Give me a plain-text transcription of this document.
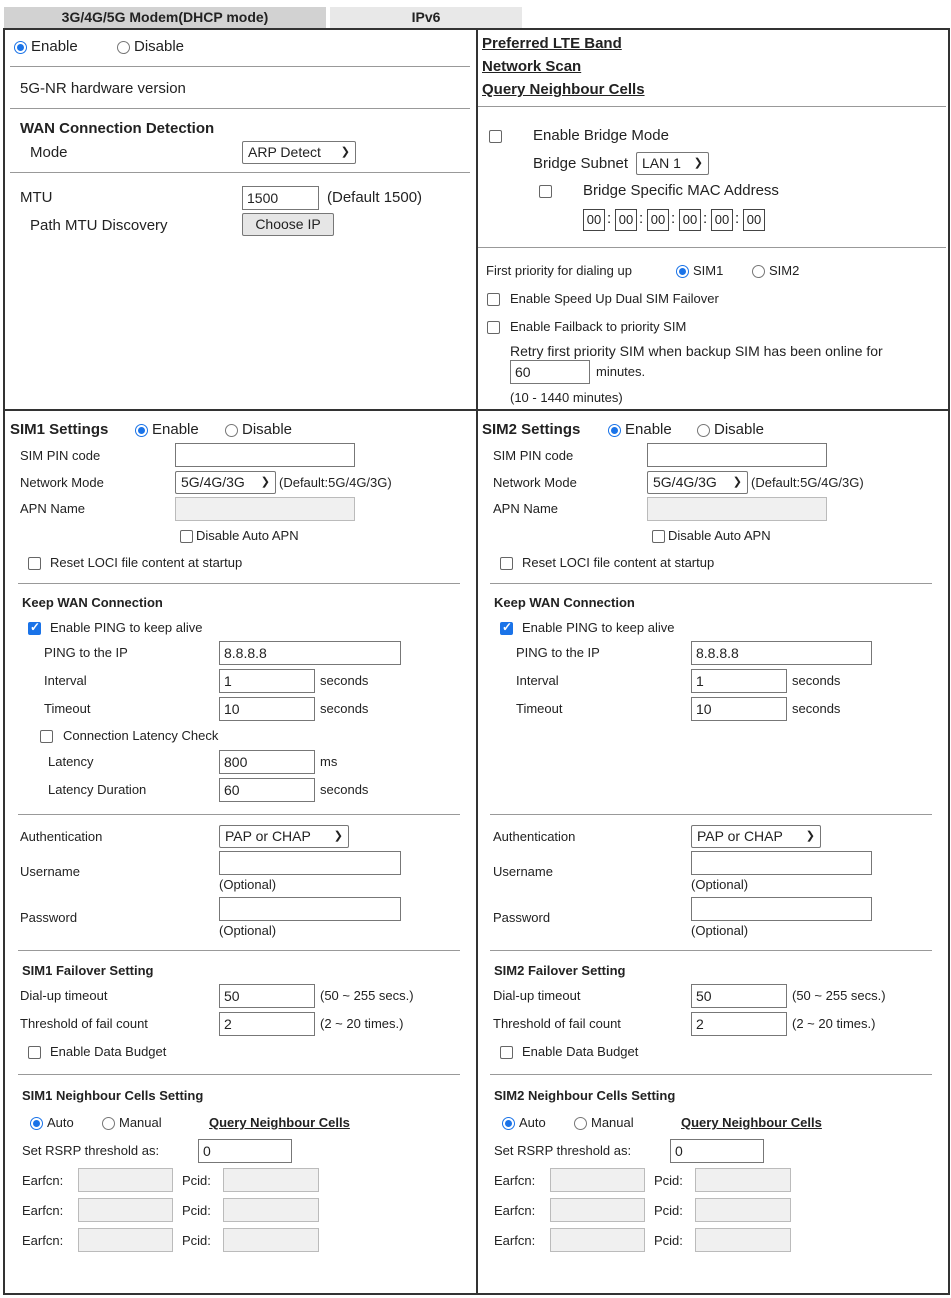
3G/4G/5G Modem(DHCP mode)	IPv6
Enable	Disable
5G-NR hardware version
WAN Connection Detection
Mode	ARP Detect ❯
MTU	1500	(Default 1500)
Path MTU Discovery	Choose IP
Preferred LTE Band
Network Scan
Query Neighbour Cells
Enable Bridge Mode
Bridge Subnet LAN 1 ❯
Bridge Specific MAC Address
00 : 00 : 00 : 00 : 00 : 00
First priority for dialing up	SIM1	SIM2
Enable Speed Up Dual SIM Failover
Enable Failback to priority SIM
Retry first priority SIM when backup SIM has been online for
60	minutes.
(10 - 1440 minutes)
SIM1 Settings	Enable	Disable
SIM PIN code
Network Mode	5G/4G/3G ❯ (Default:5G/4G/3G)
APN Name
Disable Auto APN
Reset LOCI file content at startup
Keep WAN Connection
✓
Enable PING to keep alive
PING to the IP	8.8.8.8
Interval	1	seconds
Timeout	10	seconds
Connection Latency Check
Latency	800	ms
Latency Duration	60	seconds
Authentication	PAP or CHAP ❯
Username
(Optional)
Password
(Optional)
SIM1 Failover Setting
Dial-up timeout	50	(50 ~ 255 secs.)
Threshold of fail count	2	(2 ~ 20 times.)
Enable Data Budget
SIM1 Neighbour Cells Setting
Auto	Manual	Query Neighbour Cells
Set RSRP threshold as:	0
Earfcn:	Pcid:
Earfcn:	Pcid:
Earfcn:	Pcid:
SIM2 Settings	Enable	Disable
SIM PIN code
Network Mode	5G/4G/3G ❯ (Default:5G/4G/3G)
APN Name
Disable Auto APN
Reset LOCI file content at startup
Keep WAN Connection
✓
Enable PING to keep alive
PING to the IP	8.8.8.8
Interval	1	seconds
Timeout	10	seconds
Authentication	PAP or CHAP ❯
Username
(Optional)
Password
(Optional)
SIM2 Failover Setting
Dial-up timeout	50	(50 ~ 255 secs.)
Threshold of fail count	2	(2 ~ 20 times.)
Enable Data Budget
SIM2 Neighbour Cells Setting
Auto	Manual	Query Neighbour Cells
Set RSRP threshold as:	0
Earfcn:	Pcid:
Earfcn:	Pcid:
Earfcn:	Pcid:
